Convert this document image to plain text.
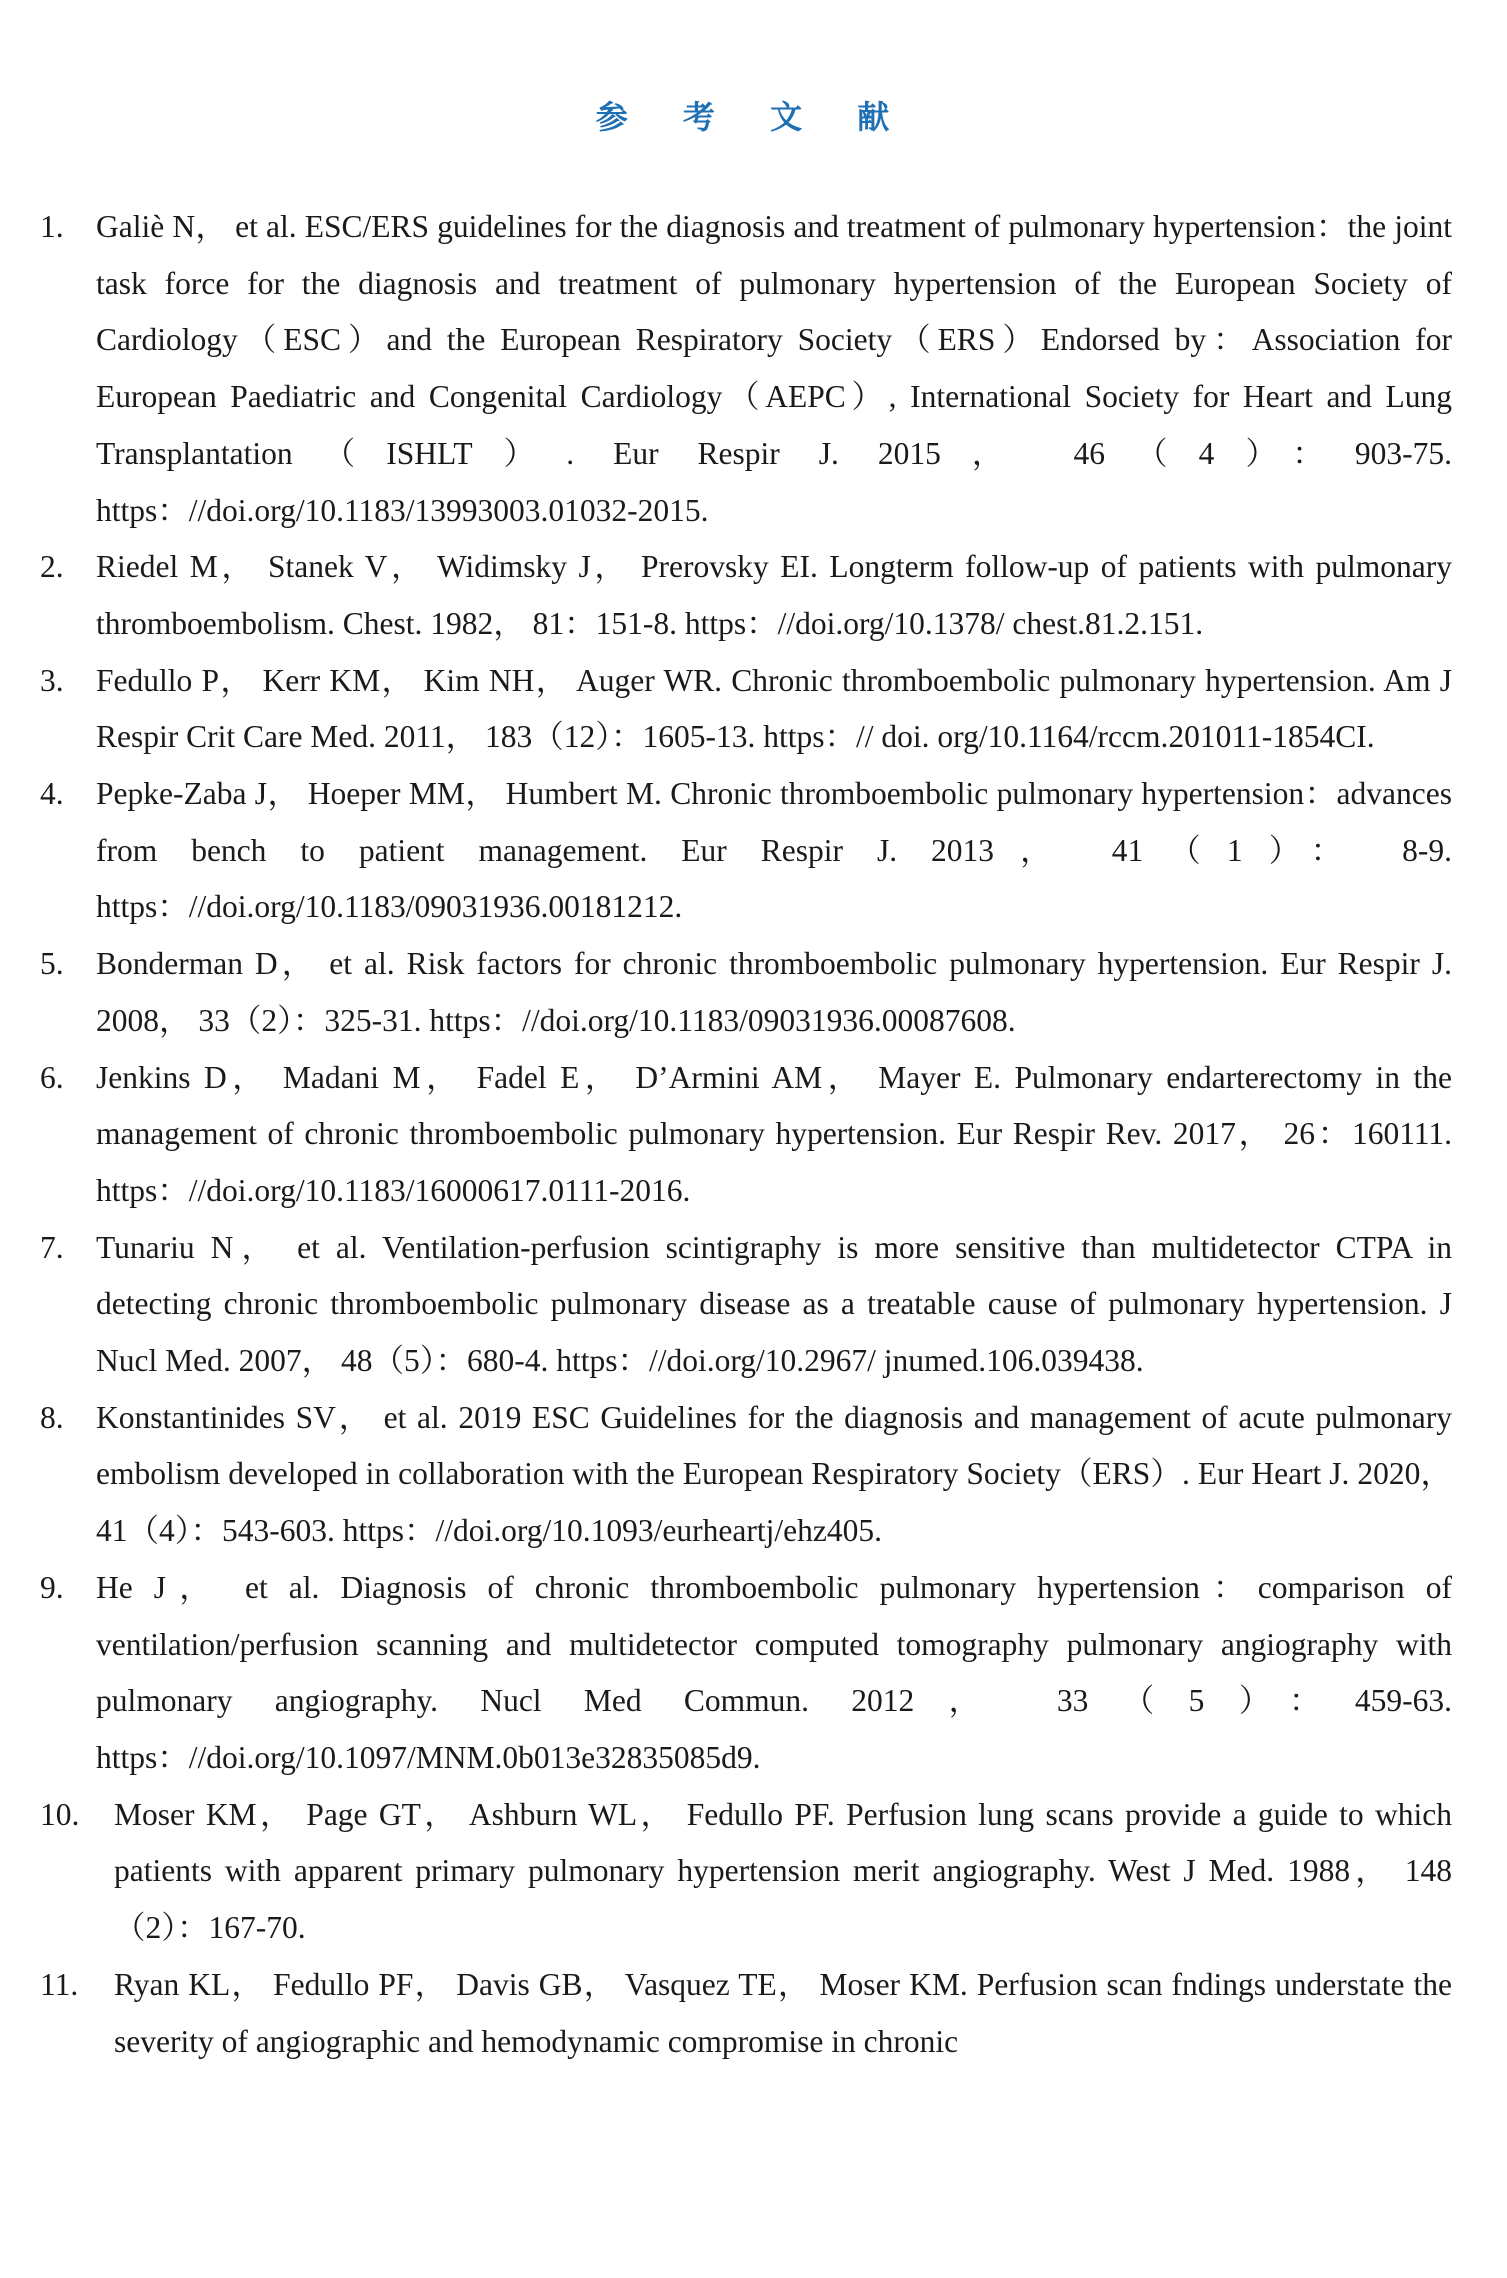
参 考 文 献
1. Galiè N， et al. ESC/ERS guidelines for the diagnosis and treatment of pulmonary hypertension：the joint task force for the diagnosis and treatment of pulmonary hypertension of the European Society of Cardiology（ESC）and the European Respiratory Society（ERS）Endorsed by：Association for European Paediatric and Congenital Cardiology（AEPC）, International Society for Heart and Lung Transplantation（ISHLT）. Eur Respir J. 2015， 46（4）：903-75. https：//doi.org/10.1183/13993003.01032-2015.
2. Riedel M， Stanek V， Widimsky J， Prerovsky EI. Longterm follow-up of patients with pulmonary thromboembolism. Chest. 1982， 81：151-8. https：//doi.org/10.1378/ chest.81.2.151.
3. Fedullo P， Kerr KM， Kim NH， Auger WR. Chronic thromboembolic pulmonary hypertension. Am J Respir Crit Care Med. 2011， 183（12）：1605-13. https：// doi. org/10.1164/rccm.201011-1854CI.
4. Pepke-Zaba J， Hoeper MM， Humbert M. Chronic thromboembolic pulmonary hypertension：advances from bench to patient management. Eur Respir J. 2013， 41（1）： 8-9. https：//doi.org/10.1183/09031936.00181212.
5. Bonderman D， et al. Risk factors for chronic thromboembolic pulmonary hypertension. Eur Respir J. 2008， 33（2）：325-31. https：//doi.org/10.1183/09031936.00087608.
6. Jenkins D， Madani M， Fadel E， D’Armini AM， Mayer E. Pulmonary endarterectomy in the management of chronic thromboembolic pulmonary hypertension. Eur Respir Rev. 2017， 26：160111. https：//doi.org/10.1183/16000617.0111-2016.
7. Tunariu N， et al. Ventilation-perfusion scintigraphy is more sensitive than multidetector CTPA in detecting chronic thromboembolic pulmonary disease as a treatable cause of pulmonary hypertension. J Nucl Med. 2007， 48（5）：680-4. https：//doi.org/10.2967/ jnumed.106.039438.
8. Konstantinides SV， et al. 2019 ESC Guidelines for the diagnosis and management of acute pulmonary embolism developed in collaboration with the European Respiratory Society（ERS）. Eur Heart J. 2020， 41（4）：543-603. https：//doi.org/10.1093/eurheartj/ehz405.
9. He J， et al. Diagnosis of chronic thromboembolic pulmonary hypertension：comparison of ventilation/perfusion scanning and multidetector computed tomography pulmonary angiography with pulmonary angiography. Nucl Med Commun. 2012， 33（5）：459-63. https：//doi.org/10.1097/MNM.0b013e32835085d9.
10. Moser KM， Page GT， Ashburn WL， Fedullo PF. Perfusion lung scans provide a guide to which patients with apparent primary pulmonary hypertension merit angiography. West J Med. 1988， 148（2）：167-70.
11. Ryan KL， Fedullo PF， Davis GB， Vasquez TE， Moser KM. Perfusion scan fndings understate the severity of angiographic and hemodynamic compromise in chronic
